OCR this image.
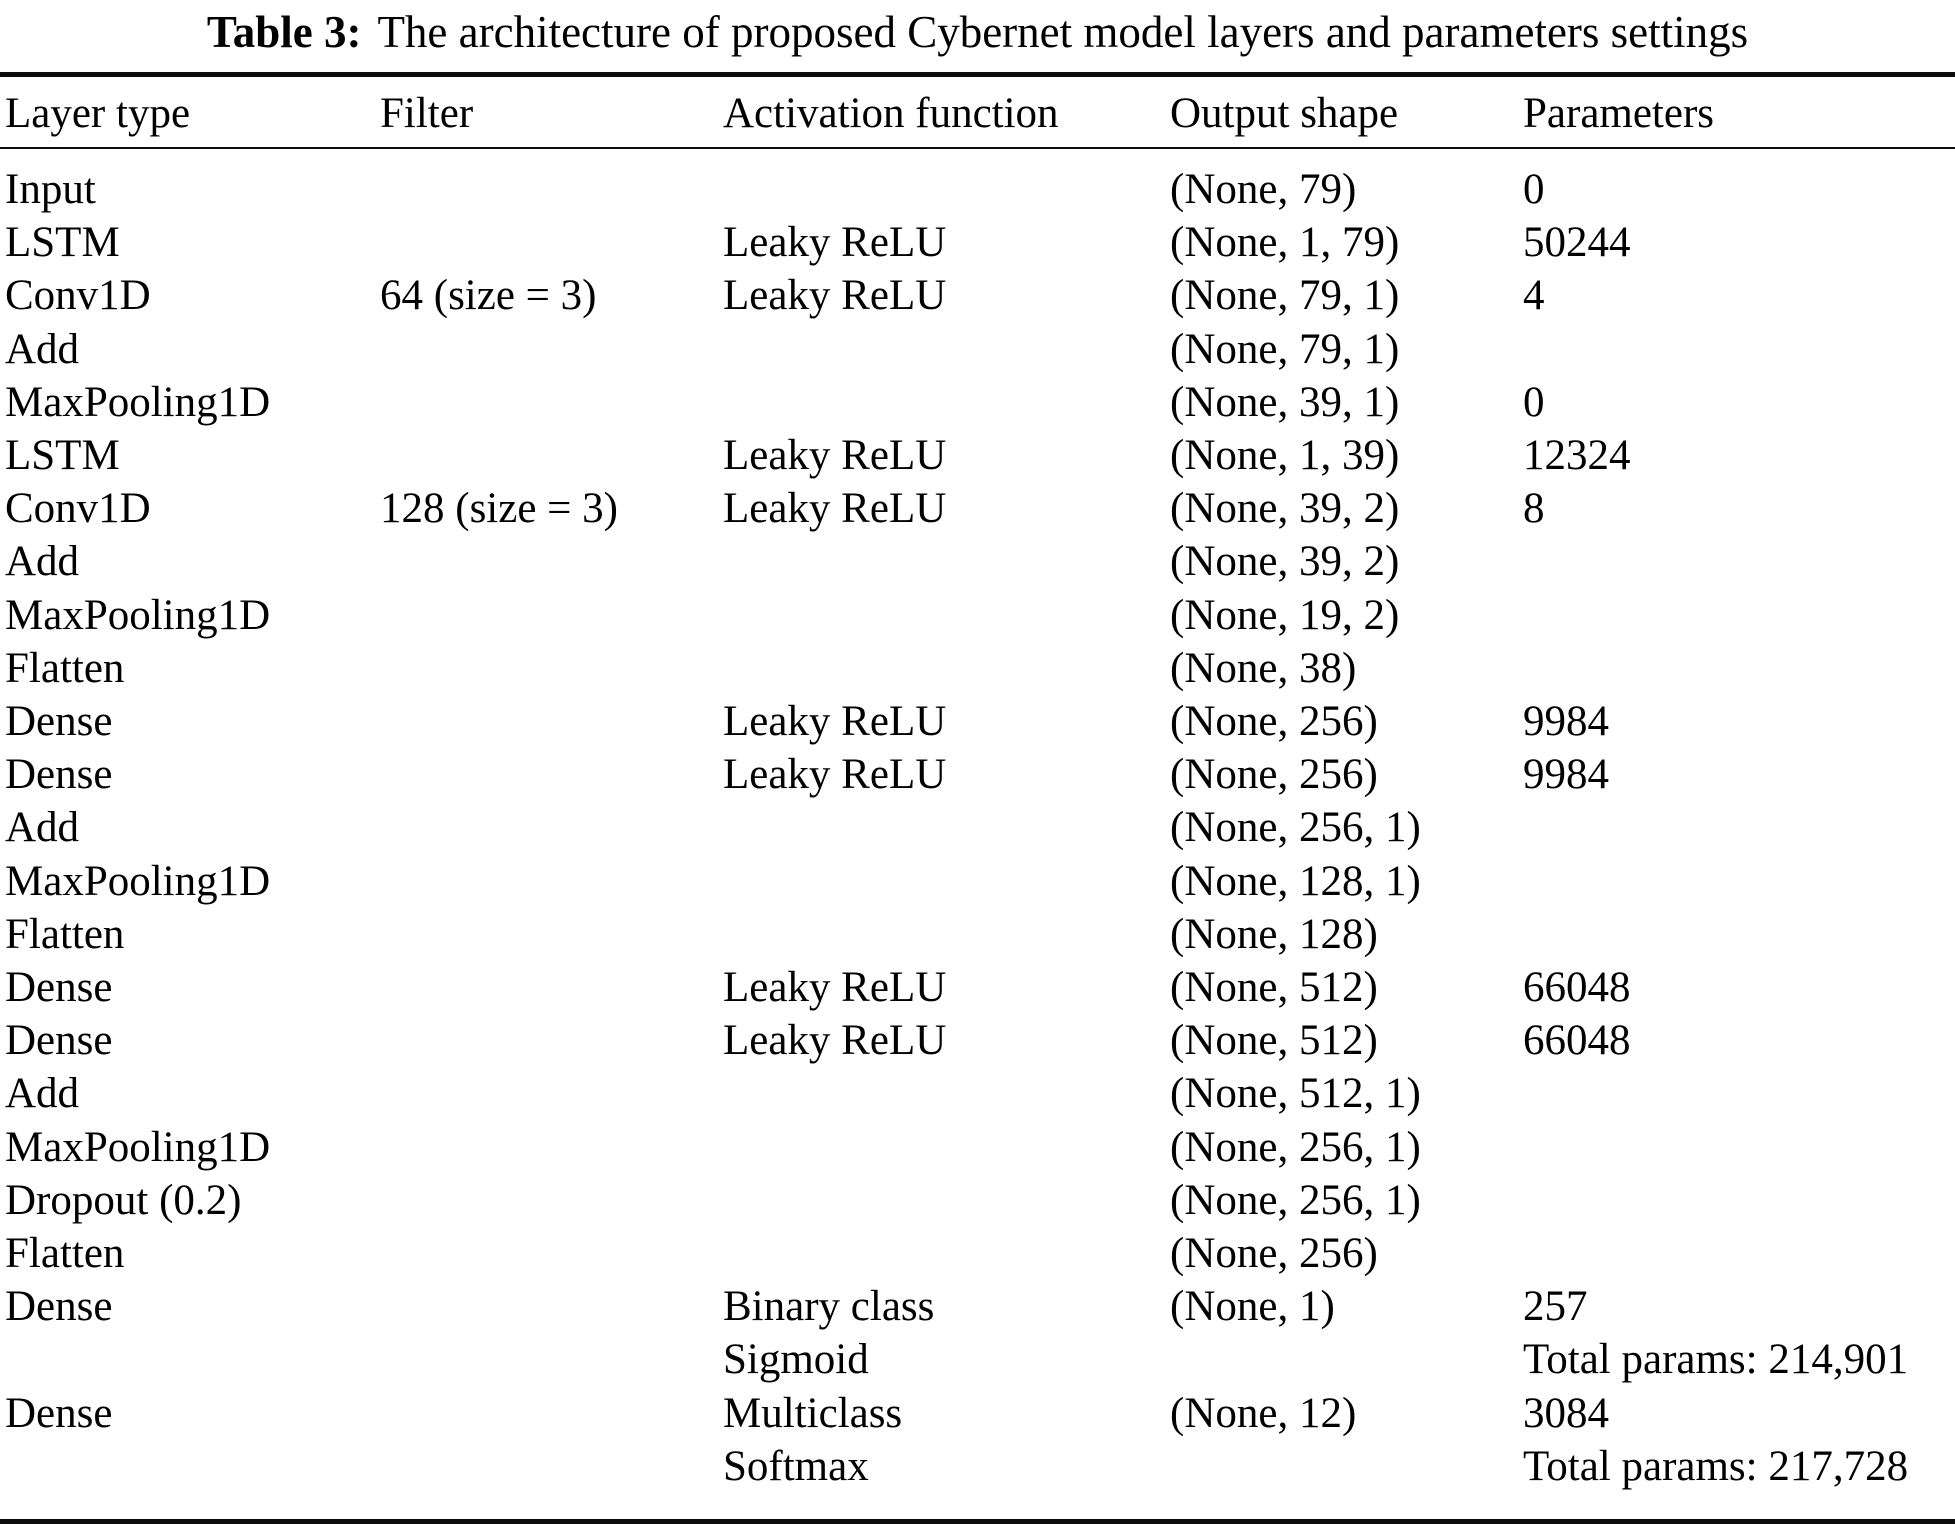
Table 3: The architecture of proposed Cybernet model layers and parameters settings
Layer type	Filter	Activation function	Output shape	Parameters
Input			(None, 79)	0
LSTM		Leaky ReLU	(None, 1, 79)	50244
Conv1D	64 (size = 3)	Leaky ReLU	(None, 79, 1)	4
Add			(None, 79, 1)	
MaxPooling1D			(None, 39, 1)	0
LSTM		Leaky ReLU	(None, 1, 39)	12324
Conv1D	128 (size = 3)	Leaky ReLU	(None, 39, 2)	8
Add			(None, 39, 2)	
MaxPooling1D			(None, 19, 2)	
Flatten			(None, 38)	
Dense		Leaky ReLU	(None, 256)	9984
Dense		Leaky ReLU	(None, 256)	9984
Add			(None, 256, 1)	
MaxPooling1D			(None, 128, 1)	
Flatten			(None, 128)	
Dense		Leaky ReLU	(None, 512)	66048
Dense		Leaky ReLU	(None, 512)	66048
Add			(None, 512, 1)	
MaxPooling1D			(None, 256, 1)	
Dropout (0.2)			(None, 256, 1)	
Flatten			(None, 256)	
Dense		Binary class	(None, 1)	257
		Sigmoid		Total params: 214,901
Dense		Multiclass	(None, 12)	3084
		Softmax		Total params: 217,728
